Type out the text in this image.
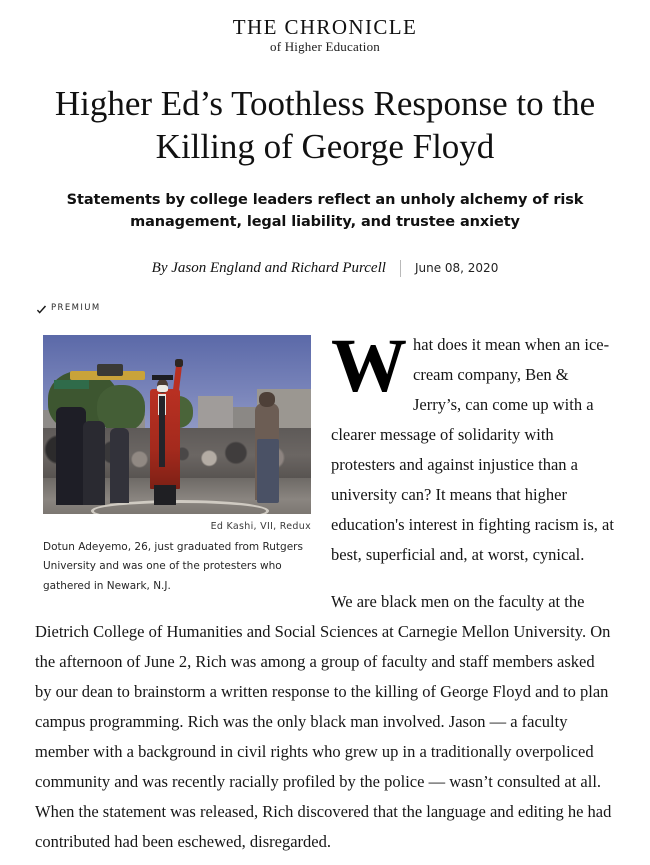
THE CHRONICLE
of Higher Education
Higher Ed’s Toothless Response to the Killing of George Floyd
Statements by college leaders reflect an unholy alchemy of risk management, legal liability, and trustee anxiety
By Jason England and Richard Purcell June 08, 2020
PREMIUM
Ed Kashi, VII, Redux
Dotun Adeyemo, 26, just graduated from Rutgers University and was one of the protesters who gathered in Newark, N.J.

What does it mean when an ice-cream company, Ben & Jerry’s, can come up with a clearer message of solidarity with protesters and against injustice than a university can? It means that higher education's interest in fighting racism is, at best, superficial and, at worst, cynical.

We are black men on the faculty at the Dietrich College of Humanities and Social Sciences at Carnegie Mellon University. On the afternoon of June 2, Rich was among a group of faculty and staff members asked by our dean to brainstorm a written response to the killing of George Floyd and to plan campus programming. Rich was the only black man involved. Jason — a faculty member with a background in civil rights who grew up in a traditionally overpoliced community and was recently racially profiled by the police — wasn’t consulted at all. When the statement was released, Rich discovered that the language and editing he had contributed had been eschewed, disregarded.
